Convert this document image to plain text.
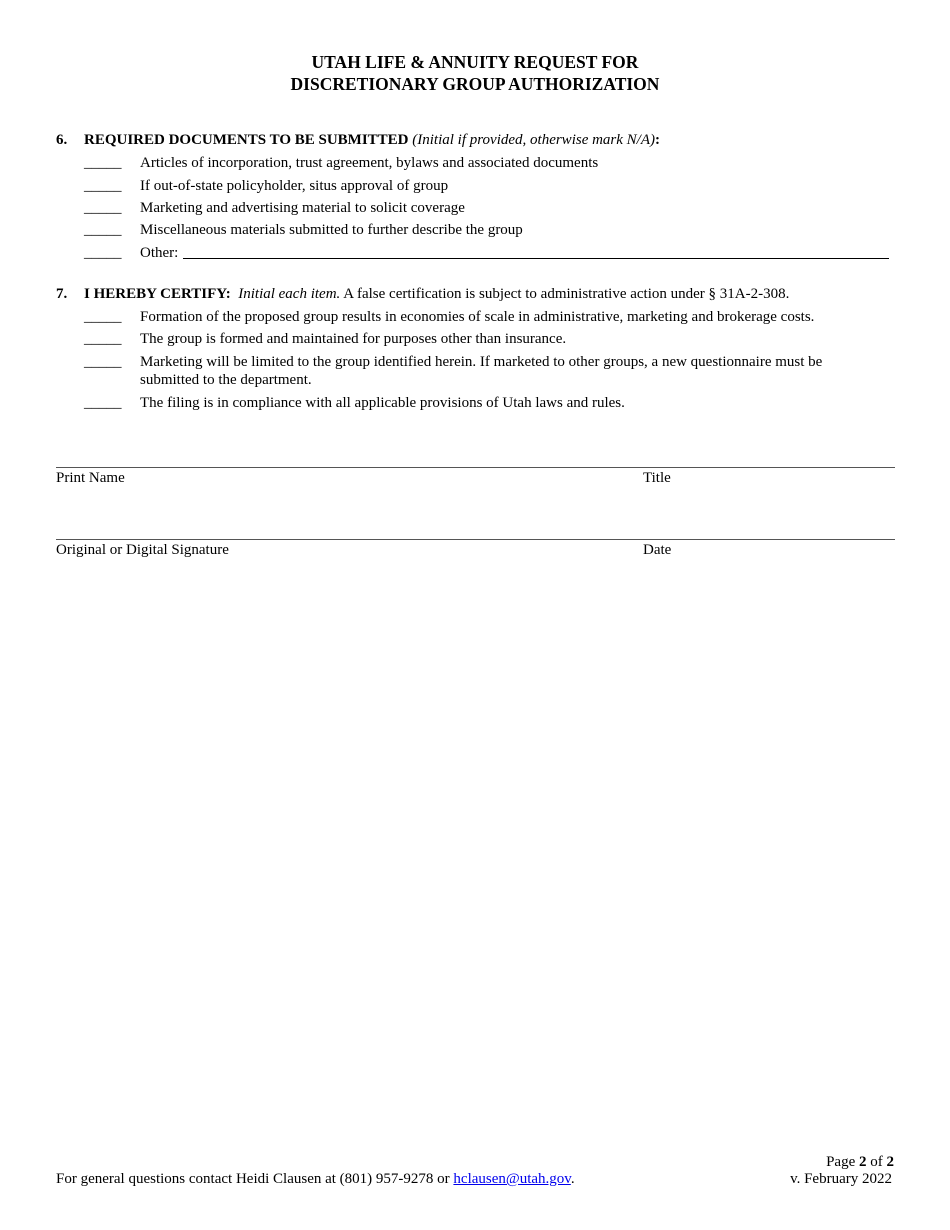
UTAH LIFE & ANNUITY REQUEST FOR
DISCRETIONARY GROUP AUTHORIZATION
6. REQUIRED DOCUMENTS TO BE SUBMITTED (Initial if provided, otherwise mark N/A):
_____ Articles of incorporation, trust agreement, bylaws and associated documents
_____ If out-of-state policyholder, situs approval of group
_____ Marketing and advertising material to solicit coverage
_____ Miscellaneous materials submitted to further describe the group
_____ Other:
7. I HEREBY CERTIFY: Initial each item. A false certification is subject to administrative action under § 31A-2-308.
_____ Formation of the proposed group results in economies of scale in administrative, marketing and brokerage costs.
_____ The group is formed and maintained for purposes other than insurance.
_____ Marketing will be limited to the group identified herein. If marketed to other groups, a new questionnaire must be submitted to the department.
_____ The filing is in compliance with all applicable provisions of Utah laws and rules.
Print Name	Title
Original or Digital Signature	Date
Page 2 of 2
For general questions contact Heidi Clausen at (801) 957-9278 or hclausen@utah.gov.	v. February 2022
